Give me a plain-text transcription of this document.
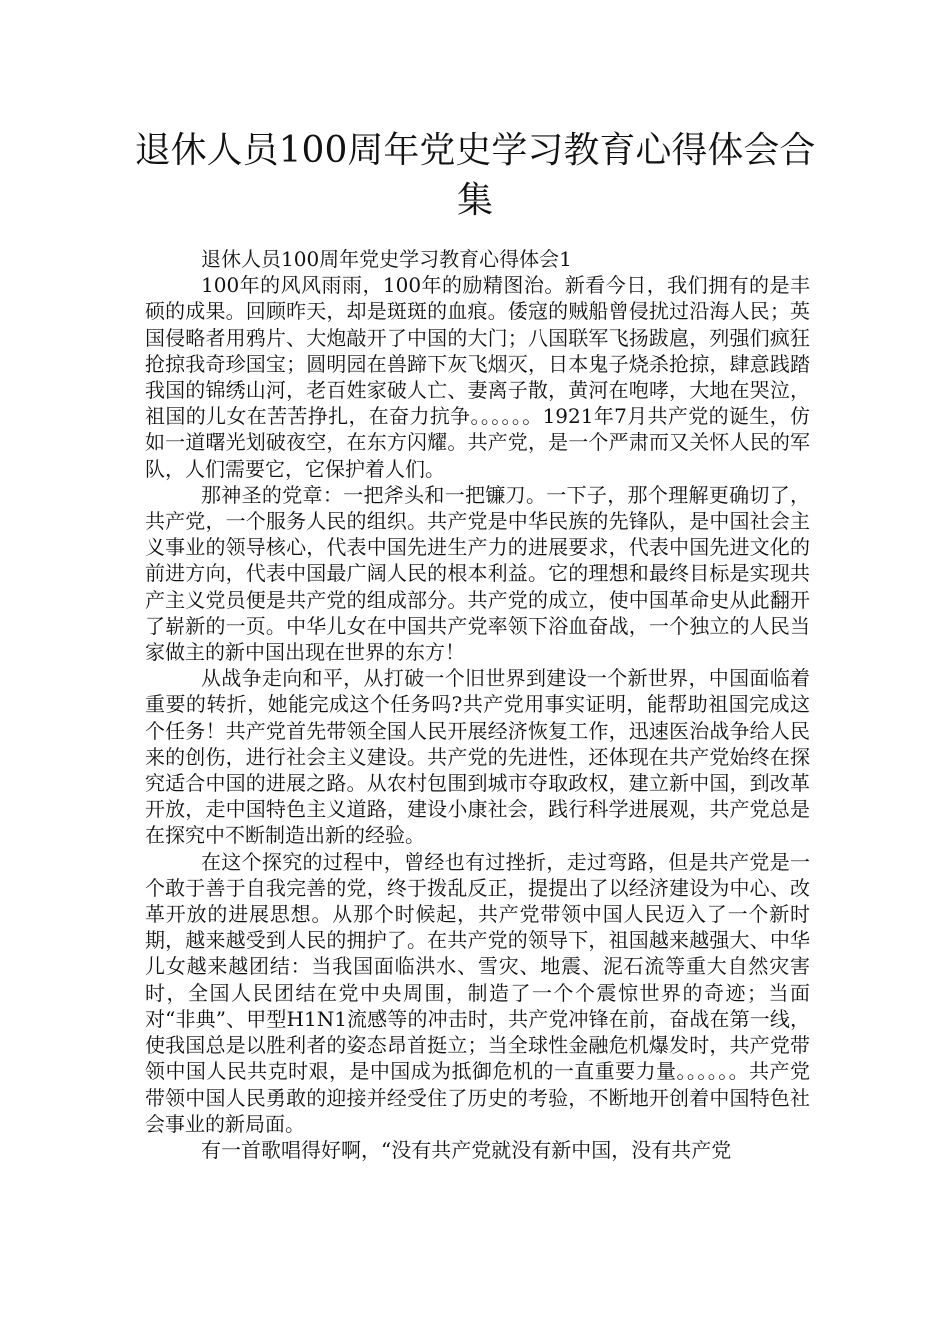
退休人员100周年党史学习教育心得体会合集

退休人员100周年党史学习教育心得体会1

100年的风风雨雨，100年的励精图治。新看今日，我们拥有的是丰硕的成果。回顾昨天，却是斑斑的血痕。倭寇的贼船曾侵扰过沿海人民；英国侵略者用鸦片、大炮敲开了中国的大门；八国联军飞扬跋扈，列强们疯狂抢掠我奇珍国宝；圆明园在兽蹄下灰飞烟灭，日本鬼子烧杀抢掠，肆意践踏我国的锦绣山河，老百姓家破人亡、妻离子散，黄河在咆哮，大地在哭泣，祖国的儿女在苦苦挣扎，在奋力抗争。。。。。。1921年7月共产党的诞生，仿如一道曙光划破夜空，在东方闪耀。共产党，是一个严肃而又关怀人民的军队，人们需要它，它保护着人们。

那神圣的党章：一把斧头和一把镰刀。一下子，那个理解更确切了，共产党，一个服务人民的组织。共产党是中华民族的先锋队，是中国社会主义事业的领导核心，代表中国先进生产力的进展要求，代表中国先进文化的前进方向，代表中国最广阔人民的根本利益。它的理想和最终目标是实现共产主义党员便是共产党的组成部分。共产党的成立，使中国革命史从此翻开了崭新的一页。中华儿女在中国共产党率领下浴血奋战，一个独立的人民当家做主的新中国出现在世界的东方！

从战争走向和平，从打破一个旧世界到建设一个新世界，中国面临着重要的转折，她能完成这个任务吗?共产党用事实证明，能帮助祖国完成这个任务！共产党首先带领全国人民开展经济恢复工作，迅速医治战争给人民来的创伤，进行社会主义建设。共产党的先进性，还体现在共产党始终在探究适合中国的进展之路。从农村包围到城市夺取政权，建立新中国，到改革开放，走中国特色主义道路，建设小康社会，践行科学进展观，共产党总是在探究中不断制造出新的经验。

在这个探究的过程中，曾经也有过挫折，走过弯路，但是共产党是一个敢于善于自我完善的党，终于拨乱反正，提提出了以经济建设为中心、改革开放的进展思想。从那个时候起，共产党带领中国人民迈入了一个新时期，越来越受到人民的拥护了。在共产党的领导下，祖国越来越强大、中华儿女越来越团结：当我国面临洪水、雪灾、地震、泥石流等重大自然灾害时，全国人民团结在党中央周围，制造了一个个震惊世界的奇迹；当面对“非典”、甲型H1N1流感等的冲击时，共产党冲锋在前，奋战在第一线，使我国总是以胜利者的姿态昂首挺立；当全球性金融危机爆发时，共产党带领中国人民共克时艰，是中国成为抵御危机的一直重要力量。。。。。。共产党带领中国人民勇敢的迎接并经受住了历史的考验，不断地开创着中国特色社会事业的新局面。

有一首歌唱得好啊，“没有共产党就没有新中国，没有共产党
